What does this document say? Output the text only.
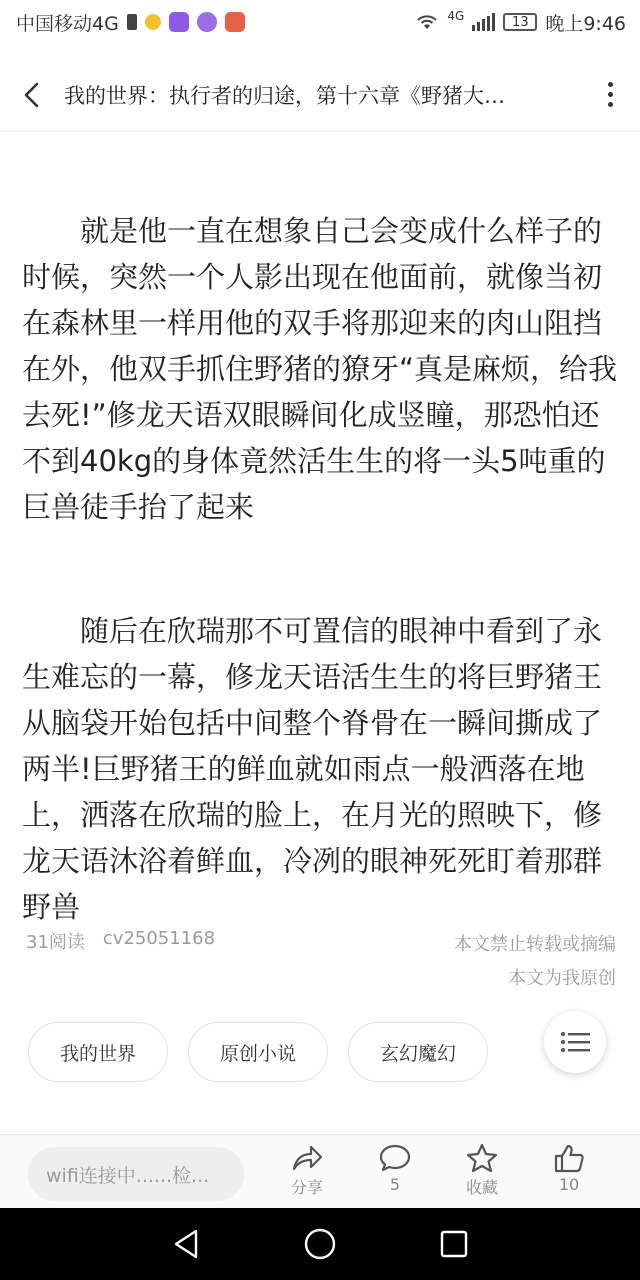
中国移动4G	4G	13 晚上9:46
我的世界：执行者的归途，第十六章《野猪大…

就是他一直在想象自己会变成什么样子的时候，突然一个人影出现在他面前，就像当初在森林里一样用他的双手将那迎来的肉山阻挡在外，他双手抓住野猪的獠牙“真是麻烦，给我去死!”修龙天语双眼瞬间化成竖瞳，那恐怕还不到40kg的身体竟然活生生的将一头5吨重的巨兽徒手抬了起来

随后在欣瑞那不可置信的眼神中看到了永生难忘的一幕，修龙天语活生生的将巨野猪王从脑袋开始包括中间整个脊骨在一瞬间撕成了两半!巨野猪王的鲜血就如雨点一般洒落在地上，洒落在欣瑞的脸上，在月光的照映下，修龙天语沐浴着鲜血，冷冽的眼神死死盯着那群野兽

31阅读 cv25051168	本文禁止转载或摘编
本文为我原创
我的世界	原创小说	玄幻魔幻
wifi连接中......检...
分享	5	收藏	10
